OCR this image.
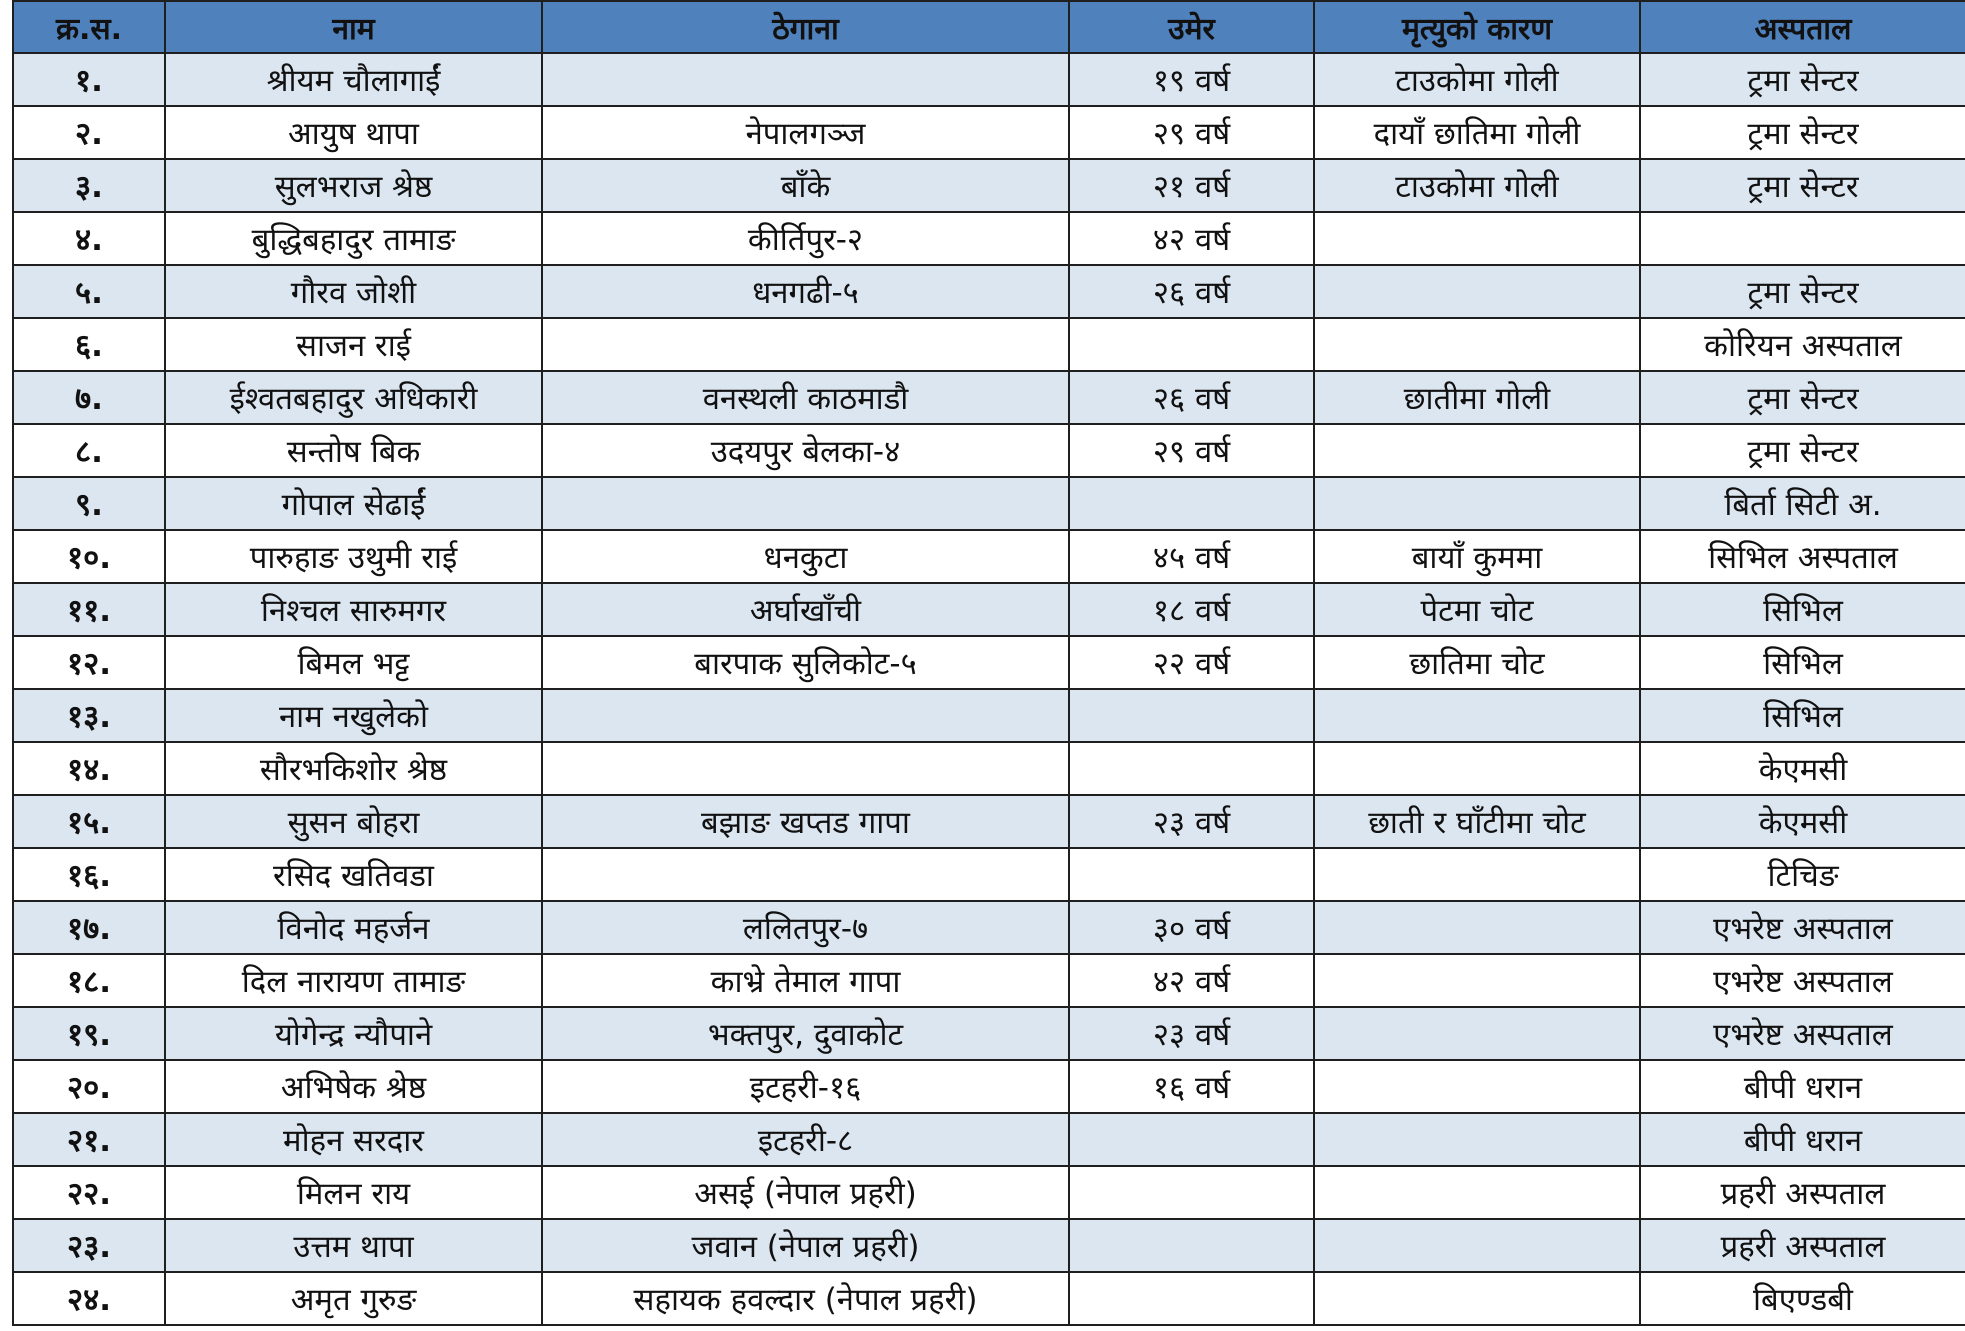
क्र.स.	नाम	ठेगाना	उमेर	मृत्युको कारण	अस्पताल
१.	श्रीयम चौलागाईं		१९ वर्ष	टाउकोमा गोली	ट्रमा सेन्टर
२.	आयुष थापा	नेपालगञ्ज	२९ वर्ष	दायाँ छातिमा गोली	ट्रमा सेन्टर
३.	सुलभराज श्रेष्ठ	बाँके	२१ वर्ष	टाउकोमा गोली	ट्रमा सेन्टर
४.	बुद्धिबहादुर तामाङ	कीर्तिपुर-२	४२ वर्ष		
५.	गौरव जोशी	धनगढी-५	२६ वर्ष		ट्रमा सेन्टर
६.	साजन राई				कोरियन अस्पताल
७.	ईश्वतबहादुर अधिकारी	वनस्थली काठमाडौ	२६ वर्ष	छातीमा गोली	ट्रमा सेन्टर
८.	सन्तोष बिक	उदयपुर बेलका-४	२९ वर्ष		ट्रमा सेन्टर
९.	गोपाल सेढाईं				बिर्ता सिटी अ.
१०.	पारुहाङ उथुमी राई	धनकुटा	४५ वर्ष	बायाँ कुममा	सिभिल अस्पताल
११.	निश्चल सारुमगर	अर्घाखाँची	१८ वर्ष	पेटमा चोट	सिभिल
१२.	बिमल भट्ट	बारपाक सुलिकोट-५	२२ वर्ष	छातिमा चोट	सिभिल
१३.	नाम नखुलेको				सिभिल
१४.	सौरभकिशोर श्रेष्ठ				केएमसी
१५.	सुसन बोहरा	बझाङ खप्तड गापा	२३ वर्ष	छाती र घाँटीमा चोट	केएमसी
१६.	रसिद खतिवडा				टिचिङ
१७.	विनोद महर्जन	ललितपुर-७	३० वर्ष		एभरेष्ट अस्पताल
१८.	दिल नारायण तामाङ	काभ्रे तेमाल गापा	४२ वर्ष		एभरेष्ट अस्पताल
१९.	योगेन्द्र न्यौपाने	भक्तपुर, दुवाकोट	२३ वर्ष		एभरेष्ट अस्पताल
२०.	अभिषेक श्रेष्ठ	इटहरी-१६	१६ वर्ष		बीपी धरान
२१.	मोहन सरदार	इटहरी-८			बीपी धरान
२२.	मिलन राय	असई (नेपाल प्रहरी)			प्रहरी अस्पताल
२३.	उत्तम थापा	जवान (नेपाल प्रहरी)			प्रहरी अस्पताल
२४.	अमृत गुरुङ	सहायक हवल्दार (नेपाल प्रहरी)			बिएण्डबी
